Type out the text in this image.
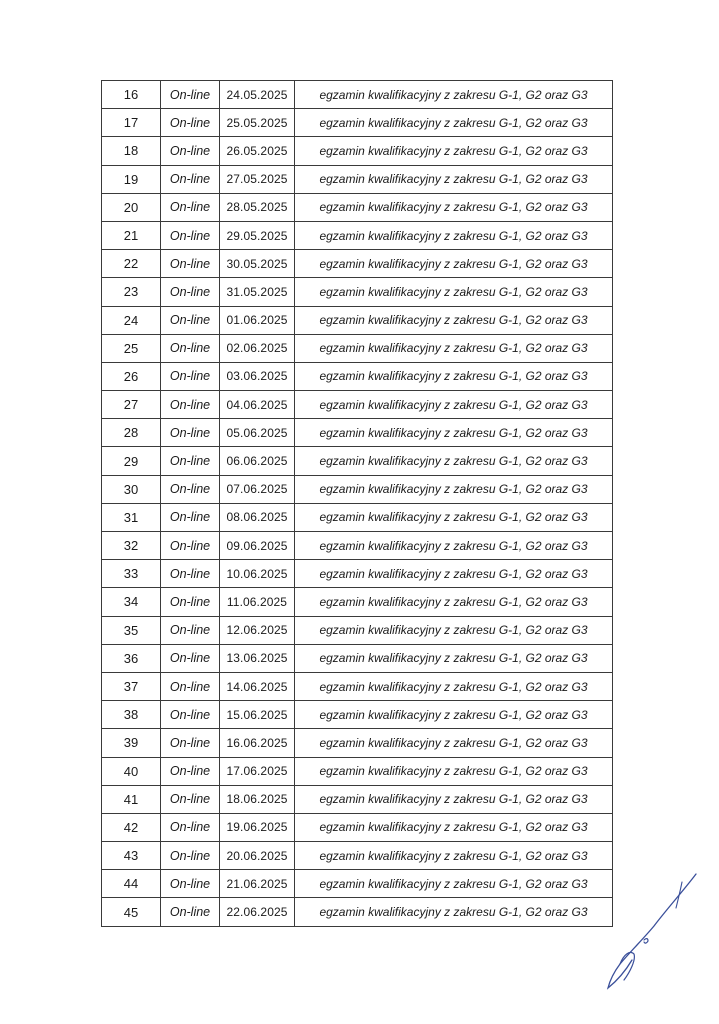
16	On-line	24.05.2025	egzamin kwalifikacyjny z zakresu G-1, G2 oraz G3
17	On-line	25.05.2025	egzamin kwalifikacyjny z zakresu G-1, G2 oraz G3
18	On-line	26.05.2025	egzamin kwalifikacyjny z zakresu G-1, G2 oraz G3
19	On-line	27.05.2025	egzamin kwalifikacyjny z zakresu G-1, G2 oraz G3
20	On-line	28.05.2025	egzamin kwalifikacyjny z zakresu G-1, G2 oraz G3
21	On-line	29.05.2025	egzamin kwalifikacyjny z zakresu G-1, G2 oraz G3
22	On-line	30.05.2025	egzamin kwalifikacyjny z zakresu G-1, G2 oraz G3
23	On-line	31.05.2025	egzamin kwalifikacyjny z zakresu G-1, G2 oraz G3
24	On-line	01.06.2025	egzamin kwalifikacyjny z zakresu G-1, G2 oraz G3
25	On-line	02.06.2025	egzamin kwalifikacyjny z zakresu G-1, G2 oraz G3
26	On-line	03.06.2025	egzamin kwalifikacyjny z zakresu G-1, G2 oraz G3
27	On-line	04.06.2025	egzamin kwalifikacyjny z zakresu G-1, G2 oraz G3
28	On-line	05.06.2025	egzamin kwalifikacyjny z zakresu G-1, G2 oraz G3
29	On-line	06.06.2025	egzamin kwalifikacyjny z zakresu G-1, G2 oraz G3
30	On-line	07.06.2025	egzamin kwalifikacyjny z zakresu G-1, G2 oraz G3
31	On-line	08.06.2025	egzamin kwalifikacyjny z zakresu G-1, G2 oraz G3
32	On-line	09.06.2025	egzamin kwalifikacyjny z zakresu G-1, G2 oraz G3
33	On-line	10.06.2025	egzamin kwalifikacyjny z zakresu G-1, G2 oraz G3
34	On-line	11.06.2025	egzamin kwalifikacyjny z zakresu G-1, G2 oraz G3
35	On-line	12.06.2025	egzamin kwalifikacyjny z zakresu G-1, G2 oraz G3
36	On-line	13.06.2025	egzamin kwalifikacyjny z zakresu G-1, G2 oraz G3
37	On-line	14.06.2025	egzamin kwalifikacyjny z zakresu G-1, G2 oraz G3
38	On-line	15.06.2025	egzamin kwalifikacyjny z zakresu G-1, G2 oraz G3
39	On-line	16.06.2025	egzamin kwalifikacyjny z zakresu G-1, G2 oraz G3
40	On-line	17.06.2025	egzamin kwalifikacyjny z zakresu G-1, G2 oraz G3
41	On-line	18.06.2025	egzamin kwalifikacyjny z zakresu G-1, G2 oraz G3
42	On-line	19.06.2025	egzamin kwalifikacyjny z zakresu G-1, G2 oraz G3
43	On-line	20.06.2025	egzamin kwalifikacyjny z zakresu G-1, G2 oraz G3
44	On-line	21.06.2025	egzamin kwalifikacyjny z zakresu G-1, G2 oraz G3
45	On-line	22.06.2025	egzamin kwalifikacyjny z zakresu G-1, G2 oraz G3
